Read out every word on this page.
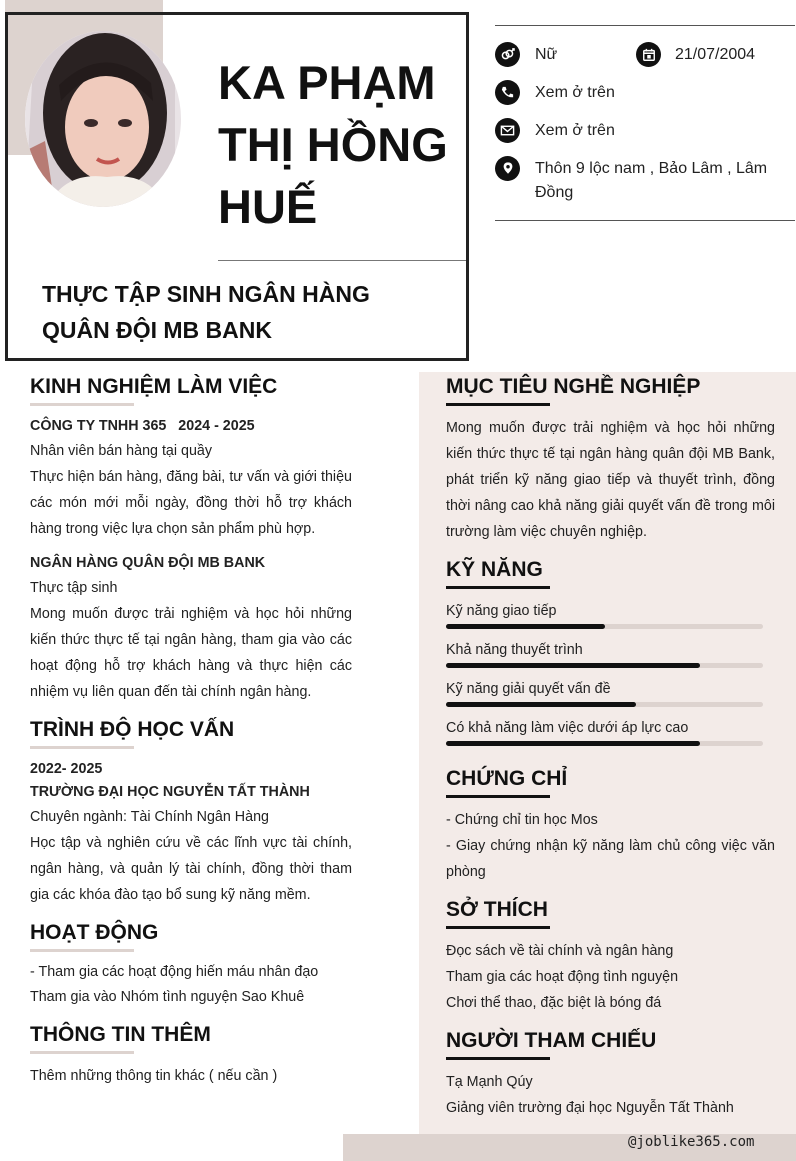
KA PHẠM THỊ HỒNG HUẾ
THỰC TẬP SINH NGÂN HÀNG QUÂN ĐỘI MB BANK
Nữ	21/07/2004
Xem ở trên
Xem ở trên
Thôn 9 lộc nam , Bảo Lâm , Lâm Đồng
KINH NGHIỆM LÀM VIỆC
CÔNG TY TNHH 365   2024 - 2025
Nhân viên bán hàng tại quầy
Thực hiện bán hàng, đăng bài, tư vấn và giới thiệu các món mới mỗi ngày, đồng thời hỗ trợ khách hàng trong việc lựa chọn sản phẩm phù hợp.
NGÂN HÀNG QUÂN ĐỘI MB BANK
Thực tập sinh
Mong muốn được trải nghiệm và học hỏi những kiến thức thực tế tại ngân hàng, tham gia vào các hoạt động hỗ trợ khách hàng và thực hiện các nhiệm vụ liên quan đến tài chính ngân hàng.
TRÌNH ĐỘ HỌC VẤN
2022- 2025
TRƯỜNG ĐẠI HỌC NGUYỄN TẤT THÀNH
Chuyên ngành: Tài Chính Ngân Hàng
Học tập và nghiên cứu về các lĩnh vực tài chính, ngân hàng, và quản lý tài chính, đồng thời tham gia các khóa đào tạo bổ sung kỹ năng mềm.
HOẠT ĐỘNG
- Tham gia các hoạt động hiến máu nhân đạo
Tham gia vào Nhóm tình nguyện Sao Khuê
THÔNG TIN THÊM
Thêm những thông tin khác ( nếu cần )
MỤC TIÊU NGHỀ NGHIỆP
Mong muốn được trải nghiệm và học hỏi những kiến thức thực tế tại ngân hàng quân đội MB Bank, phát triển kỹ năng giao tiếp và thuyết trình, đồng thời nâng cao khả năng giải quyết vấn đề trong môi trường làm việc chuyên nghiệp.
KỸ NĂNG
Kỹ năng giao tiếp
Khả năng thuyết trình
Kỹ năng giải quyết vấn đề
Có khả năng làm việc dưới áp lực cao
CHỨNG CHỈ
- Chứng chỉ tin học Mos
- Giay chứng nhận kỹ năng làm chủ công việc văn phòng
SỞ THÍCH
Đọc sách về tài chính và ngân hàng
Tham gia các hoạt động tình nguyện
Chơi thể thao, đặc biệt là bóng đá
NGƯỜI THAM CHIẾU
Tạ Mạnh Qúy
Giảng viên trường đại học Nguyễn Tất Thành
@joblike365.com
